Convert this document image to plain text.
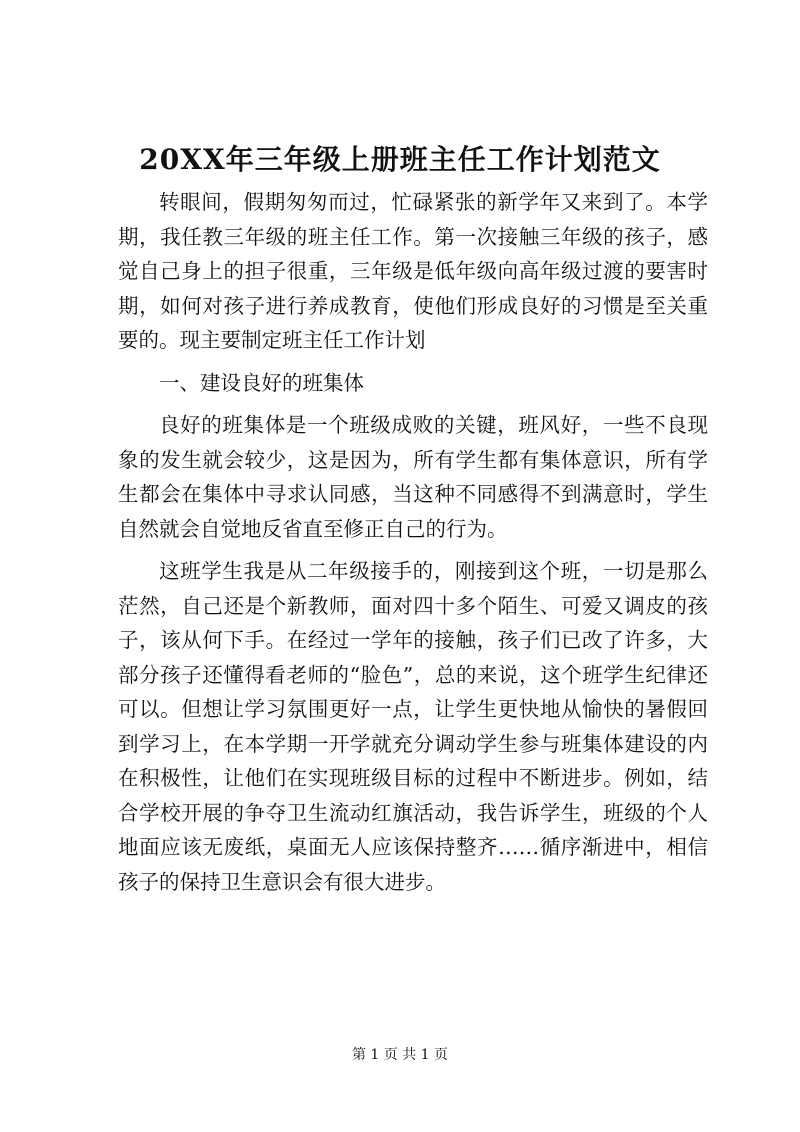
20XX年三年级上册班主任工作计划范文

转眼间，假期匆匆而过，忙碌紧张的新学年又来到了。本学期，我任教三年级的班主任工作。第一次接触三年级的孩子，感觉自己身上的担子很重，三年级是低年级向高年级过渡的要害时期，如何对孩子进行养成教育，使他们形成良好的习惯是至关重要的。现主要制定班主任工作计划

一、建设良好的班集体

良好的班集体是一个班级成败的关键，班风好，一些不良现象的发生就会较少，这是因为，所有学生都有集体意识，所有学生都会在集体中寻求认同感，当这种不同感得不到满意时，学生自然就会自觉地反省直至修正自己的行为。

这班学生我是从二年级接手的，刚接到这个班，一切是那么茫然，自己还是个新教师，面对四十多个陌生、可爱又调皮的孩子，该从何下手。在经过一学年的接触，孩子们已改了许多，大部分孩子还懂得看老师的“脸色”，总的来说，这个班学生纪律还可以。但想让学习氛围更好一点，让学生更快地从愉快的暑假回到学习上，在本学期一开学就充分调动学生参与班集体建设的内在积极性，让他们在实现班级目标的过程中不断进步。例如，结合学校开展的争夺卫生流动红旗活动，我告诉学生，班级的个人地面应该无废纸，桌面无人应该保持整齐……循序渐进中，相信孩子的保持卫生意识会有很大进步。

第 1 页 共 1 页
